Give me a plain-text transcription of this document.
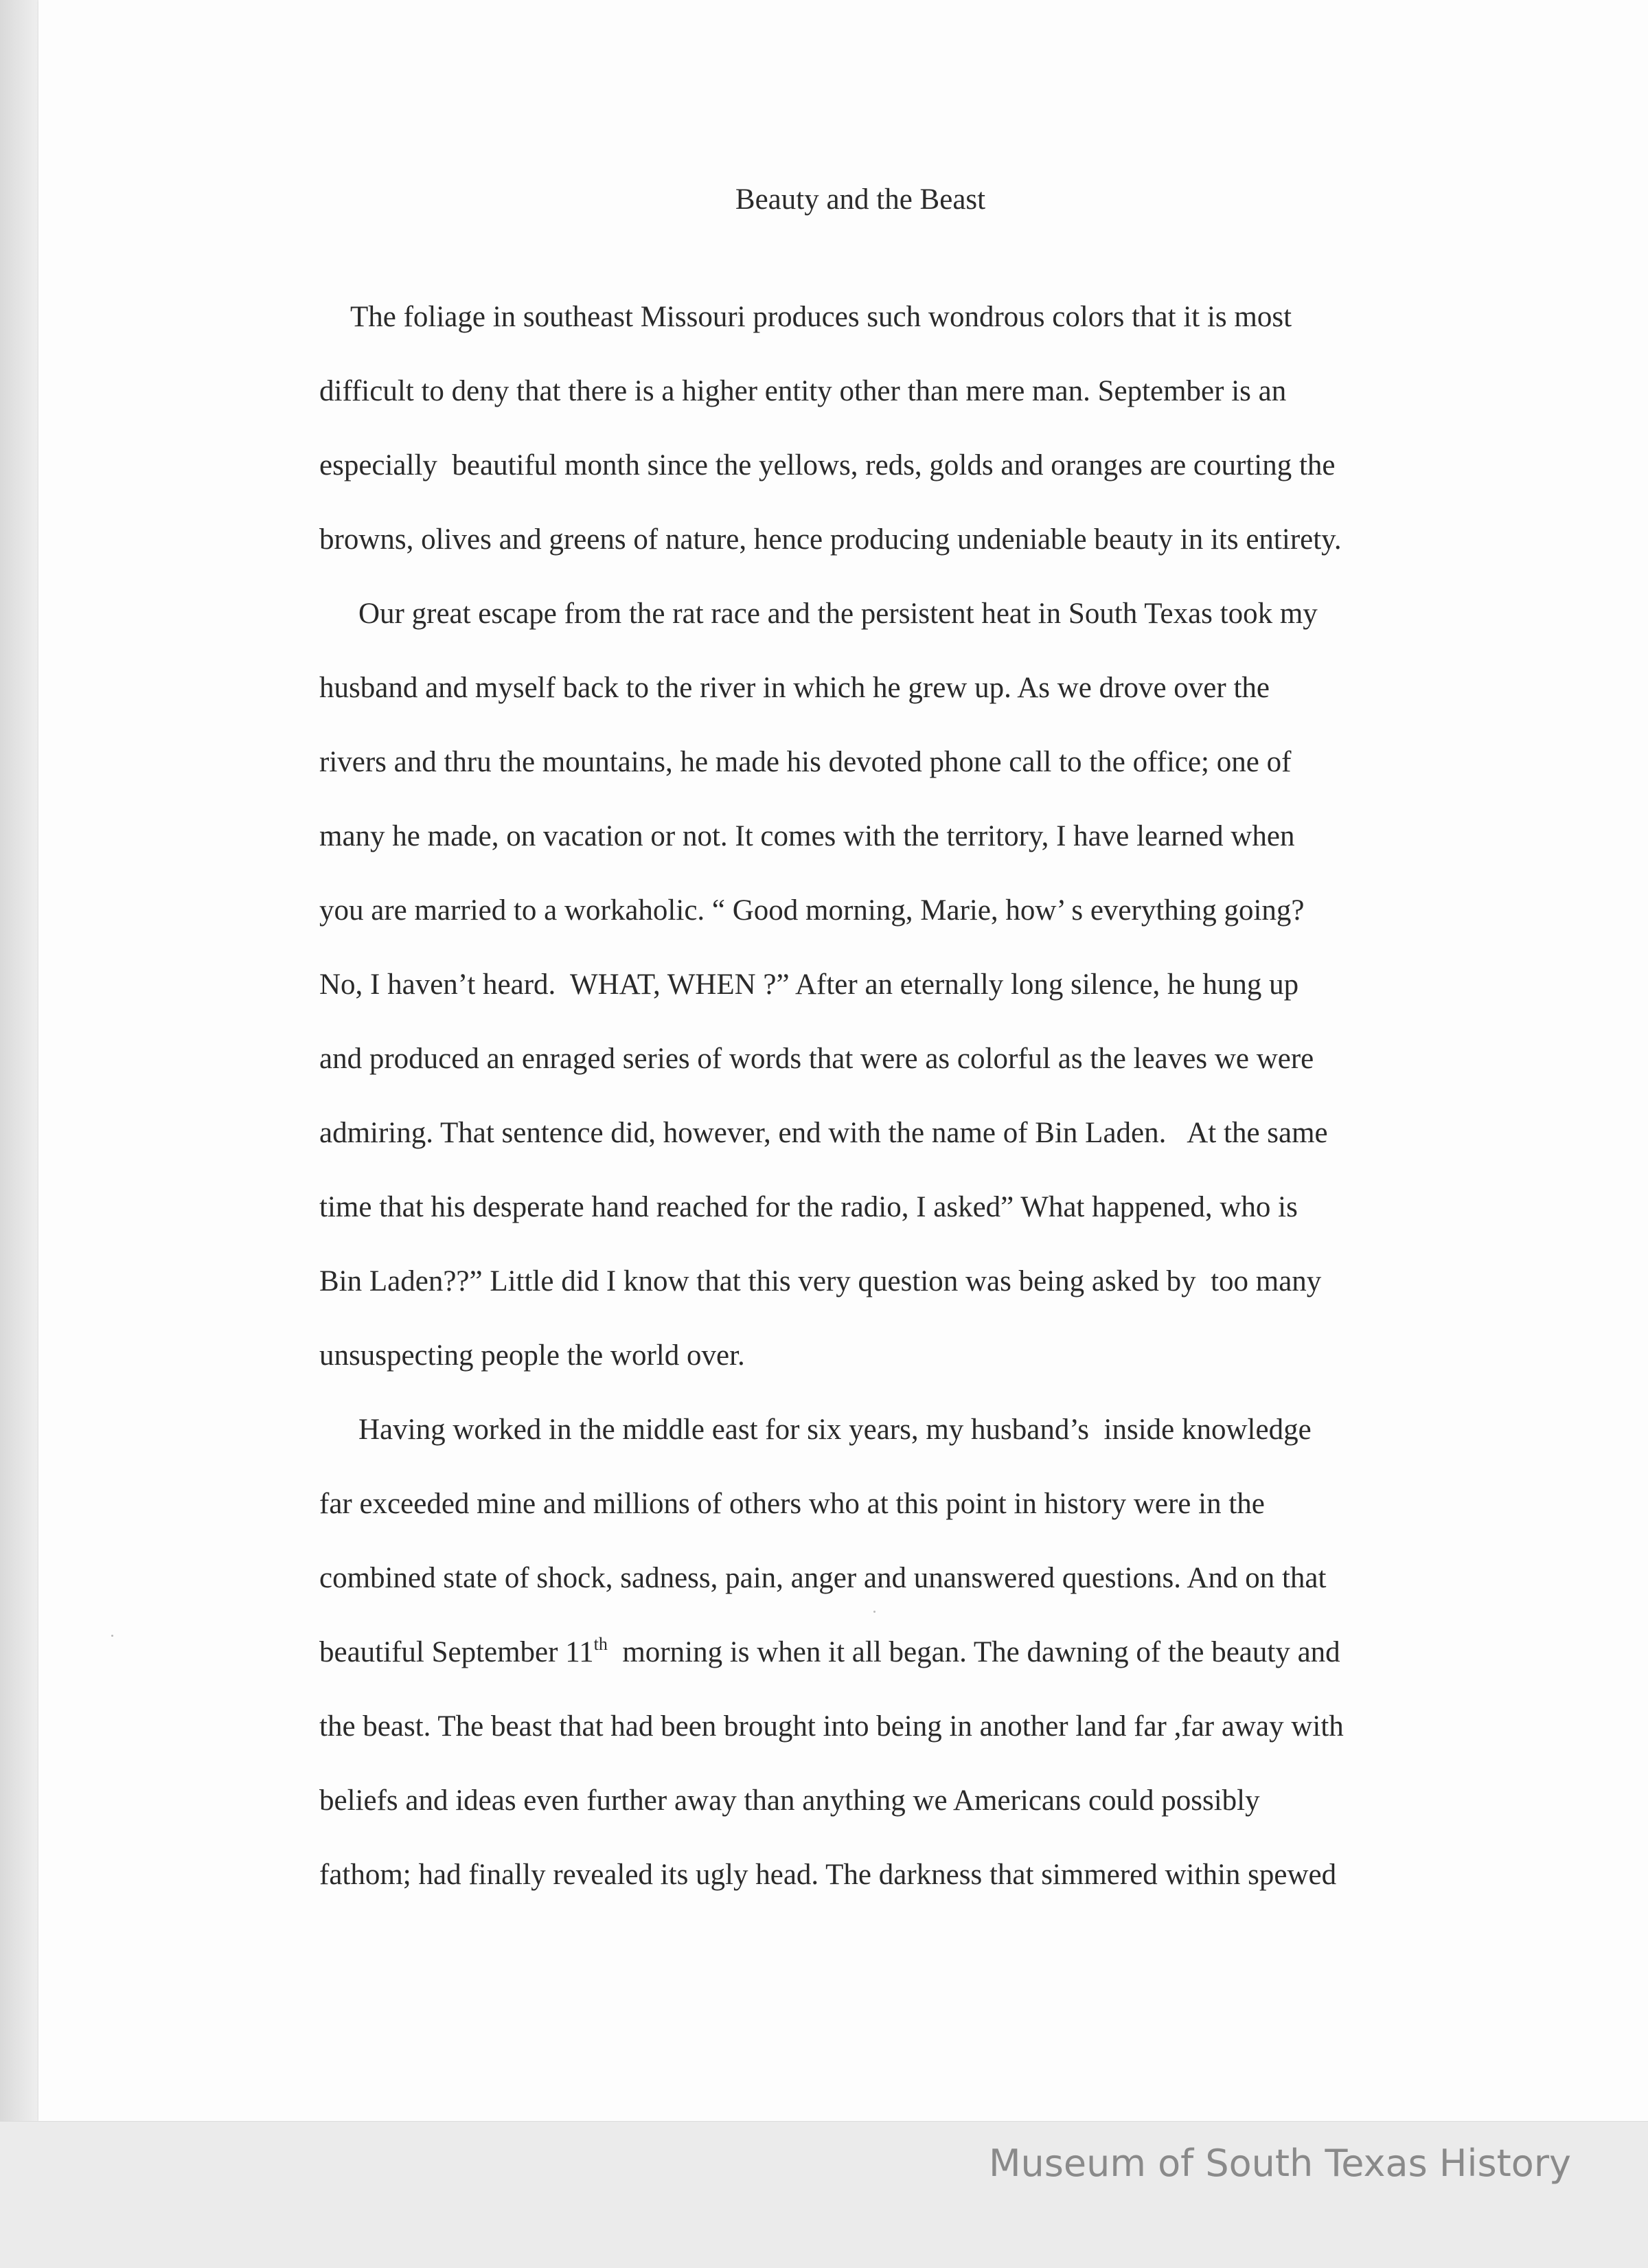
Beauty and the Beast
The foliage in southeast Missouri produces such wondrous colors that it is most
difficult to deny that there is a higher entity other than mere man. September is an
especially  beautiful month since the yellows, reds, golds and oranges are courting the
browns, olives and greens of nature, hence producing undeniable beauty in its entirety.
Our great escape from the rat race and the persistent heat in South Texas took my
husband and myself back to the river in which he grew up. As we drove over the
rivers and thru the mountains, he made his devoted phone call to the office; one of
many he made, on vacation or not. It comes with the territory, I have learned when
you are married to a workaholic. “ Good morning, Marie, how’ s everything going?
No, I haven’t heard.  WHAT, WHEN ?” After an eternally long silence, he hung up
and produced an enraged series of words that were as colorful as the leaves we were
admiring. That sentence did, however, end with the name of Bin Laden.   At the same
time that his desperate hand reached for the radio, I asked” What happened, who is
Bin Laden??” Little did I know that this very question was being asked by  too many
unsuspecting people the world over.
Having worked in the middle east for six years, my husband’s  inside knowledge
far exceeded mine and millions of others who at this point in history were in the
combined state of shock, sadness, pain, anger and unanswered questions. And on that
beautiful September 11th  morning is when it all began. The dawning of the beauty and
the beast. The beast that had been brought into being in another land far ,far away with
beliefs and ideas even further away than anything we Americans could possibly
fathom; had finally revealed its ugly head. The darkness that simmered within spewed
Museum of South Texas History
